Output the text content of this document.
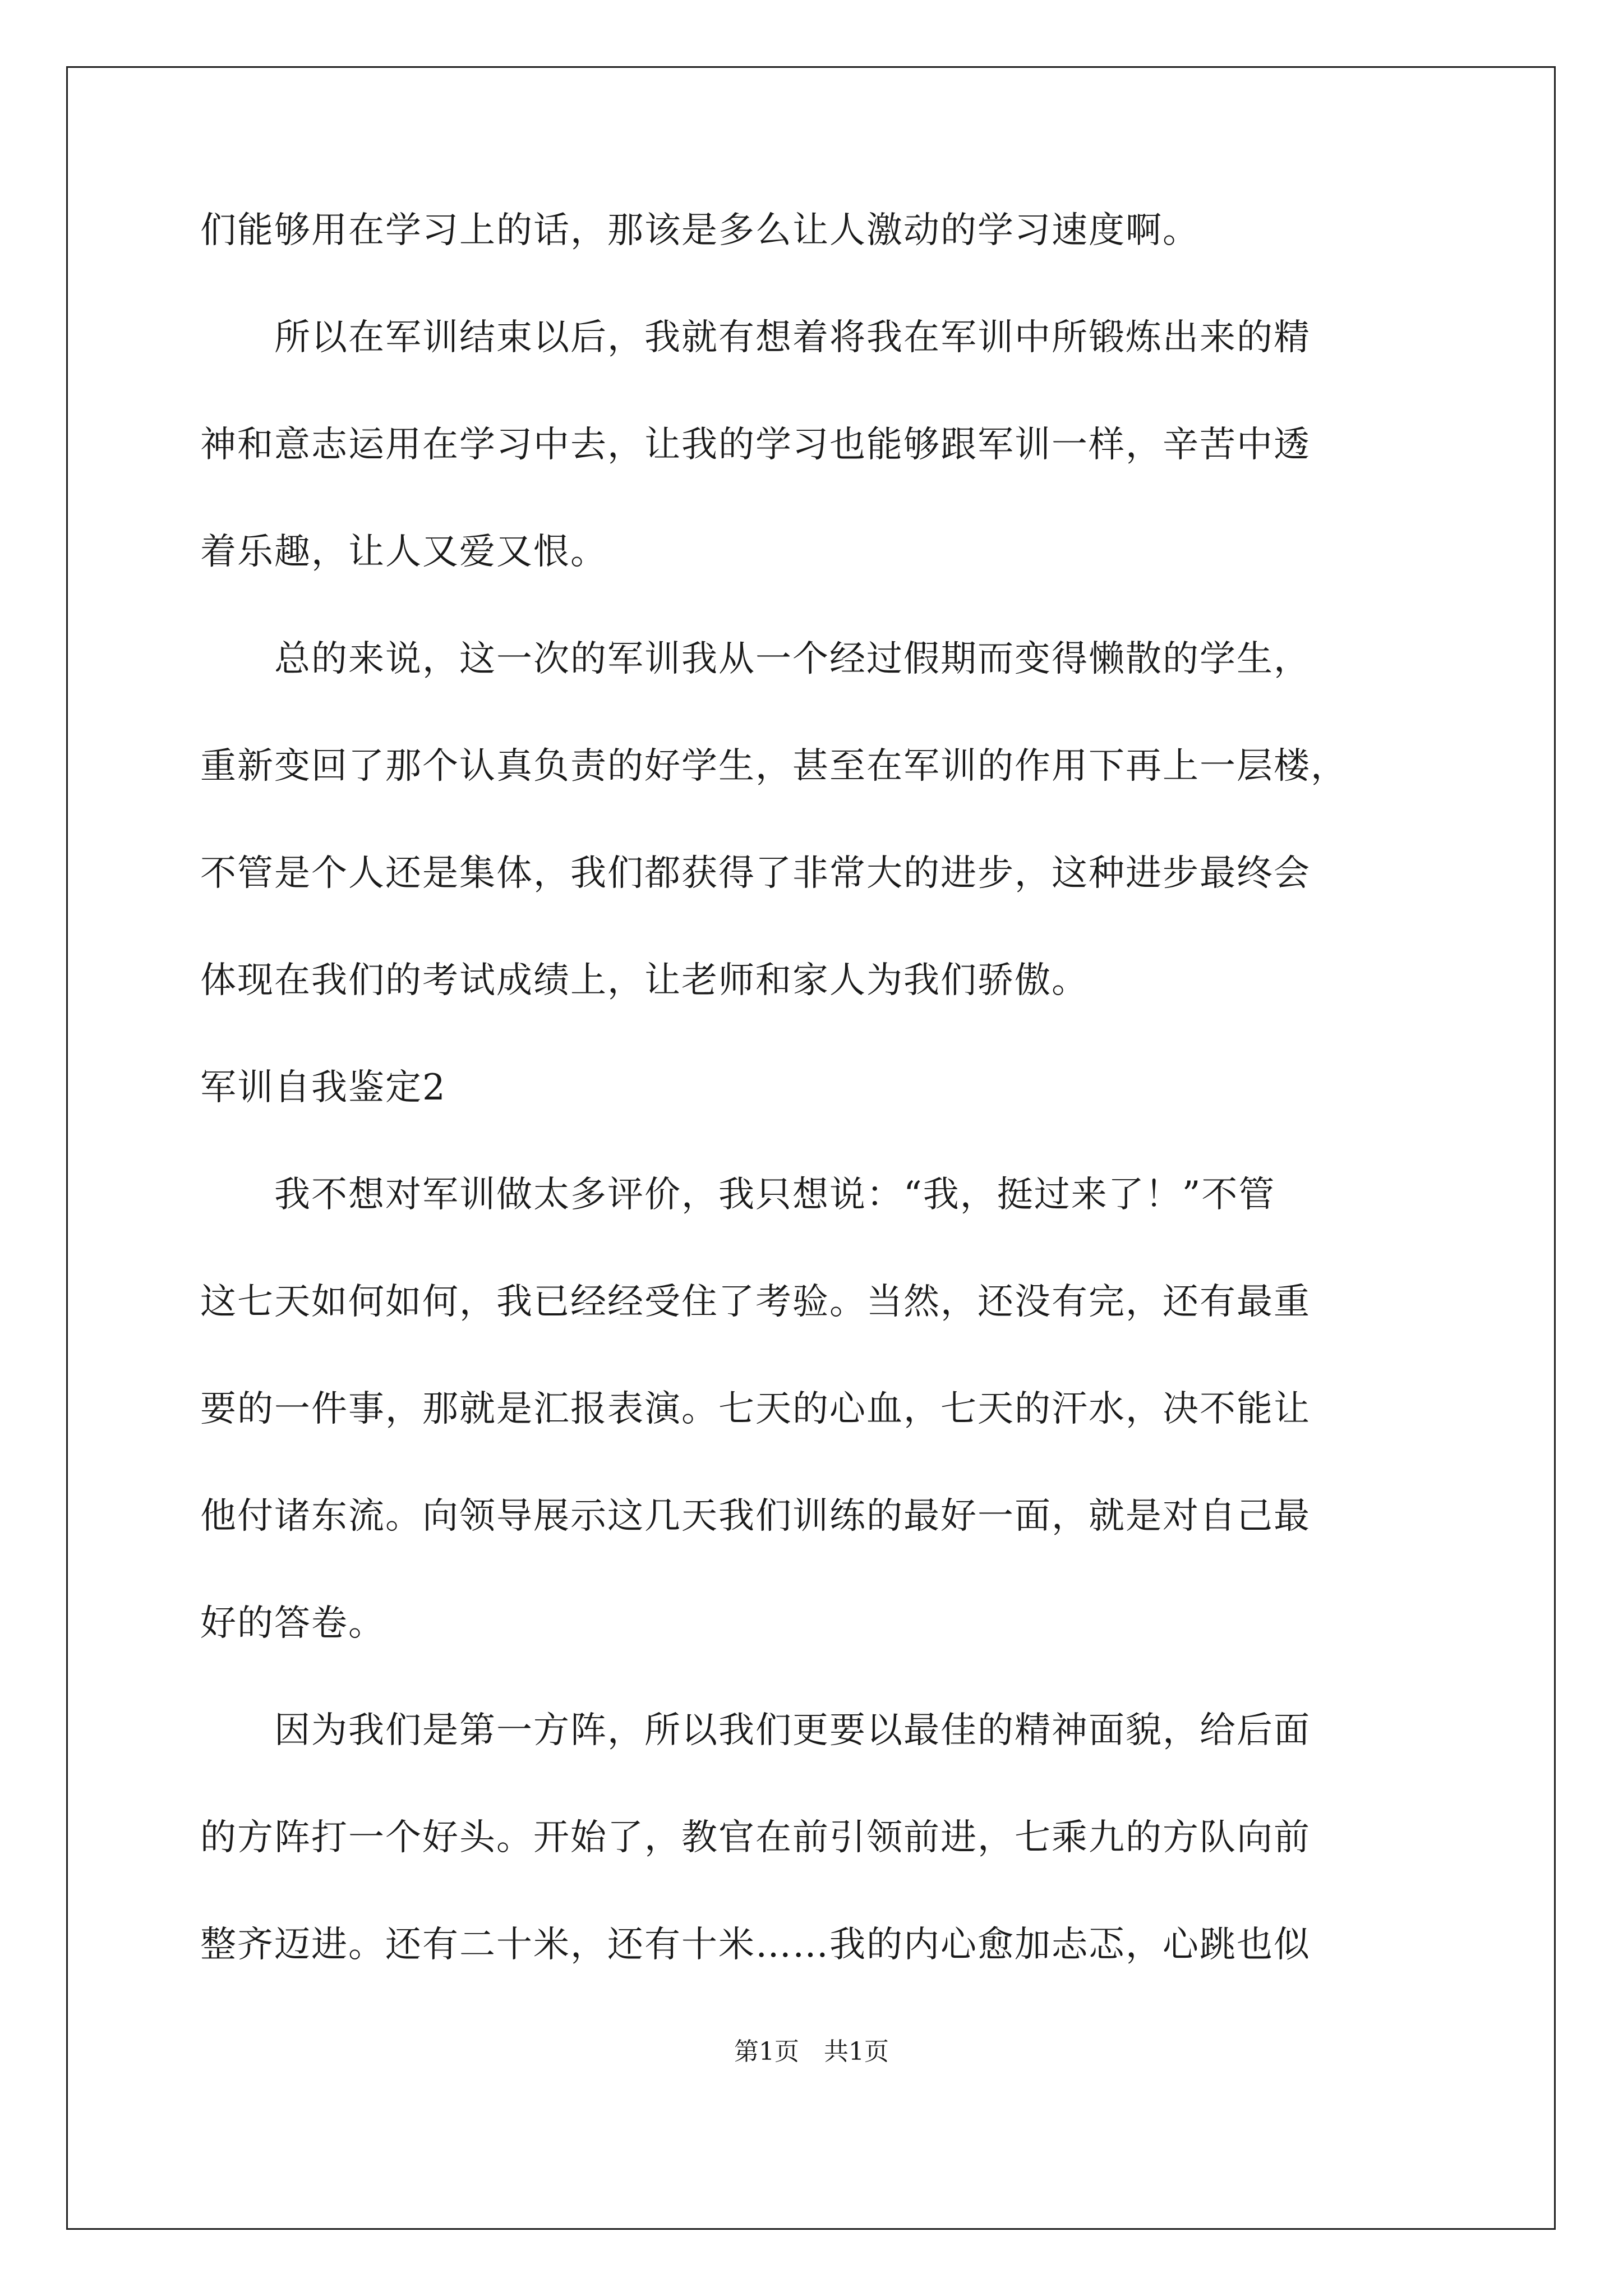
们能够用在学习上的话，那该是多么让人激动的学习速度啊。
　　所以在军训结束以后，我就有想着将我在军训中所锻炼出来的精
神和意志运用在学习中去，让我的学习也能够跟军训一样，辛苦中透
着乐趣，让人又爱又恨。
　　总的来说，这一次的军训我从一个经过假期而变得懒散的学生，
重新变回了那个认真负责的好学生，甚至在军训的作用下再上一层楼，
不管是个人还是集体，我们都获得了非常大的进步，这种进步最终会
体现在我们的考试成绩上，让老师和家人为我们骄傲。
军训自我鉴定2
　　我不想对军训做太多评价，我只想说：“我，挺过来了！”不管
这七天如何如何，我已经经受住了考验。当然，还没有完，还有最重
要的一件事，那就是汇报表演。七天的心血，七天的汗水，决不能让
他付诸东流。向领导展示这几天我们训练的最好一面，就是对自己最
好的答卷。
　　因为我们是第一方阵，所以我们更要以最佳的精神面貌，给后面
的方阵打一个好头。开始了，教官在前引领前进，七乘九的方队向前
整齐迈进。还有二十米，还有十米……我的内心愈加忐忑，心跳也似
第1页　共1页
